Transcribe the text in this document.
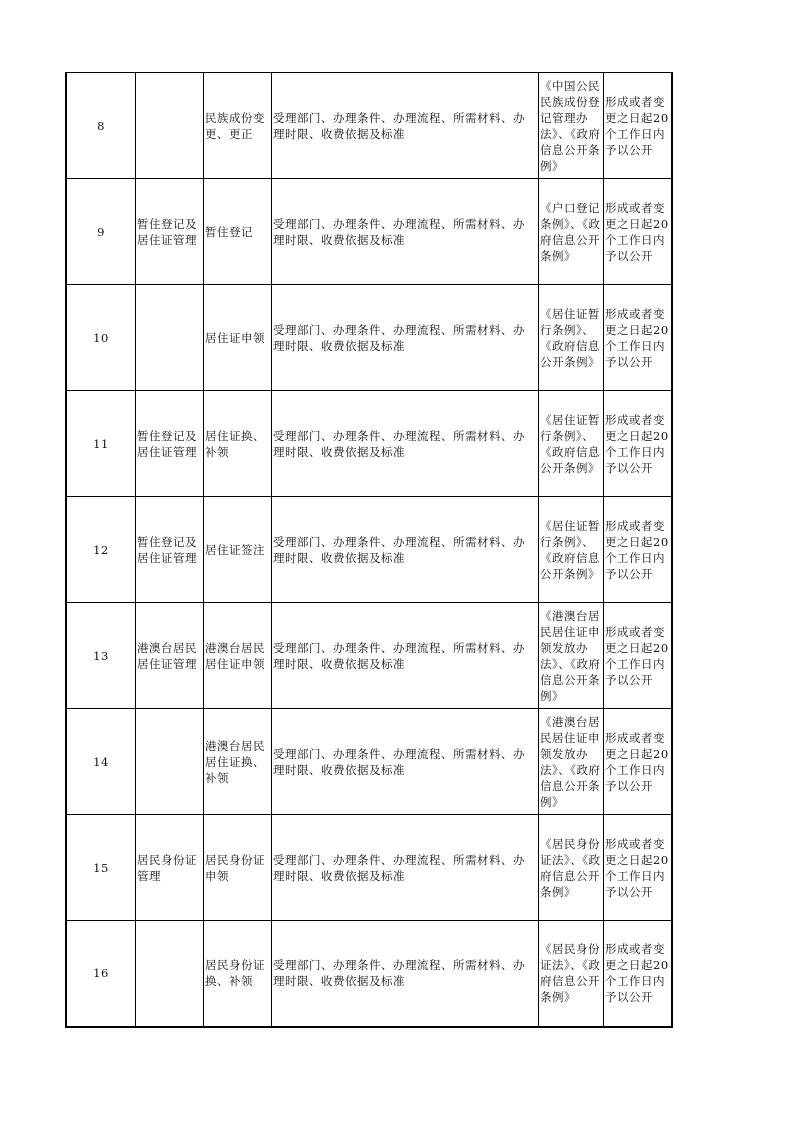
8		民族成份变更、更正	受理部门、办理条件、办理流程、所需材料、办理时限、收费依据及标准	《中国公民民族成份登记管理办法》、《政府信息公开条例》	形成或者变更之日起20个工作日内予以公开
9	暂住登记及居住证管理	暂住登记	受理部门、办理条件、办理流程、所需材料、办理时限、收费依据及标准	《户口登记条例》、《政府信息公开条例》	形成或者变更之日起20个工作日内予以公开
10		居住证申领	受理部门、办理条件、办理流程、所需材料、办理时限、收费依据及标准	《居住证暂行条例》、《政府信息公开条例》	形成或者变更之日起20个工作日内予以公开
11	暂住登记及居住证管理	居住证换、补领	受理部门、办理条件、办理流程、所需材料、办理时限、收费依据及标准	《居住证暂行条例》、《政府信息公开条例》	形成或者变更之日起20个工作日内予以公开
12	暂住登记及居住证管理	居住证签注	受理部门、办理条件、办理流程、所需材料、办理时限、收费依据及标准	《居住证暂行条例》、《政府信息公开条例》	形成或者变更之日起20个工作日内予以公开
13	港澳台居民居住证管理	港澳台居民居住证申领	受理部门、办理条件、办理流程、所需材料、办理时限、收费依据及标准	《港澳台居民居住证申领发放办法》、《政府信息公开条例》	形成或者变更之日起20个工作日内予以公开
14		港澳台居民居住证换、补领	受理部门、办理条件、办理流程、所需材料、办理时限、收费依据及标准	《港澳台居民居住证申领发放办法》、《政府信息公开条例》	形成或者变更之日起20个工作日内予以公开
15	居民身份证管理	居民身份证申领	受理部门、办理条件、办理流程、所需材料、办理时限、收费依据及标准	《居民身份证法》、《政府信息公开条例》	形成或者变更之日起20个工作日内予以公开
16		居民身份证换、补领	受理部门、办理条件、办理流程、所需材料、办理时限、收费依据及标准	《居民身份证法》、《政府信息公开条例》	形成或者变更之日起20个工作日内予以公开
